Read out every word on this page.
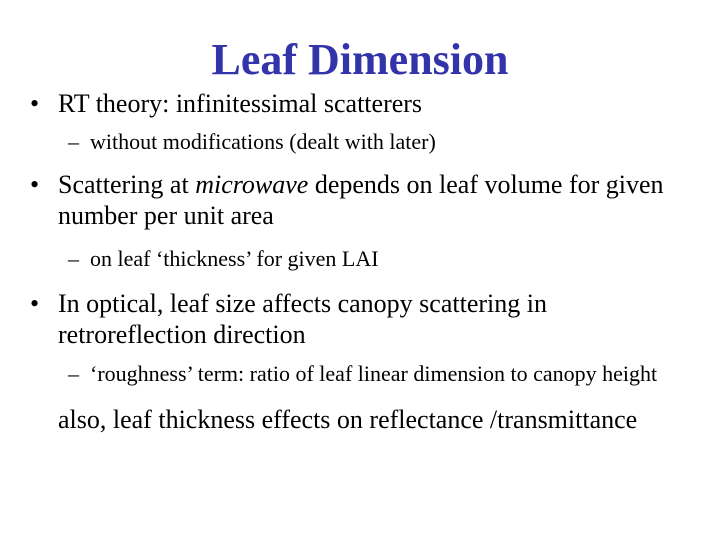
Leaf Dimension
• RT theory: infinitessimal scatterers
– without modifications (dealt with later)
• Scattering at microwave depends on leaf volume for given number per unit area
– on leaf ‘thickness’ for given LAI
• In optical, leaf size affects canopy scattering in retroreflection direction
– ‘roughness’ term: ratio of leaf linear dimension to canopy height
also, leaf thickness effects on reflectance /transmittance
